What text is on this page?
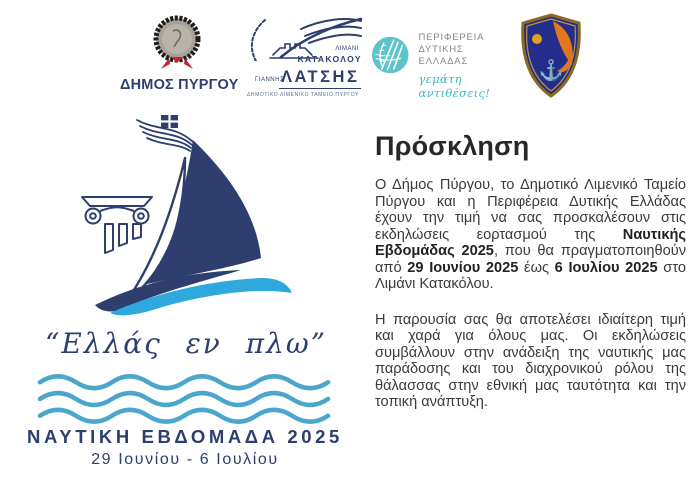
ΔΗΜΟΣ ΠΥΡΓΟΥ
ΛΙΜΑΝΙ
ΚΑΤΑΚΟΛΟΥ
ΓΙΑΝΝΗΣ
ΛΑΤΣΗΣ
ΔΗΜΟΤΙΚΟ ΛΙΜΕΝΙΚΟ ΤΑΜΕΙΟ ΠΥΡΓΟΥ
ΠΕΡΙΦΕΡΕΙΑ
ΔΥΤΙΚΗΣ
ΕΛΛΑΔΑΣ
γεμάτη αντιθέσεις!
⚓
“Ελλάς εν πλω”
ΝΑΥΤΙΚΗ ΕΒΔΟΜΑΔΑ 2025
29 Ιουνίου - 6 Ιουλίου
Πρόσκληση

Ο Δήμος Πύργου, το Δημοτικό Λιμενικό Ταμείο Πύργου και η Περιφέρεια Δυτικής Ελλάδας έχουν την τιμή να σας προσκαλέσουν στις εκδηλώσεις εορτασμού της Ναυτικής Εβδομάδας 2025, που θα πραγματοποιηθούν από 29 Ιουνίου 2025 έως 6 Ιουλίου 2025 στο Λιμάνι Κατακόλου.

Η παρουσία σας θα αποτελέσει ιδιαίτερη τιμή και χαρά για όλους μας. Οι εκδηλώσεις συμβάλλουν στην ανάδειξη της ναυτικής μας παράδοσης και του διαχρονικού ρόλου της θάλασσας στην εθνική μας ταυτότητα και την τοπική ανάπτυξη.
